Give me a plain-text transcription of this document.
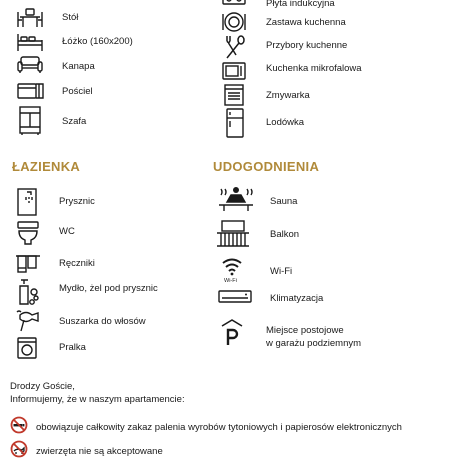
Stół
Łóżko (160x200)
Kanapa
Pościel
Szafa
Płyta indukcyjna
Zastawa kuchenna
Przybory kuchenne
Kuchenka mikrofalowa
Zmywarka
Lodówka
ŁAZIENKA
Prysznic
WC
Ręczniki
Mydło, żel pod prysznic
Suszarka do włosów
Pralka
UDOGODNIENIA
Sauna
Balkon
Wi-Fi
Wi-Fi
Klimatyzacja
Miejsce postojowe
w garażu podziemnym
Drodzy Goście,
Informujemy, że w naszym apartamencie:
obowiązuje całkowity zakaz palenia wyrobów tytoniowych i papierosów elektronicznych
zwierzęta nie są akceptowane
